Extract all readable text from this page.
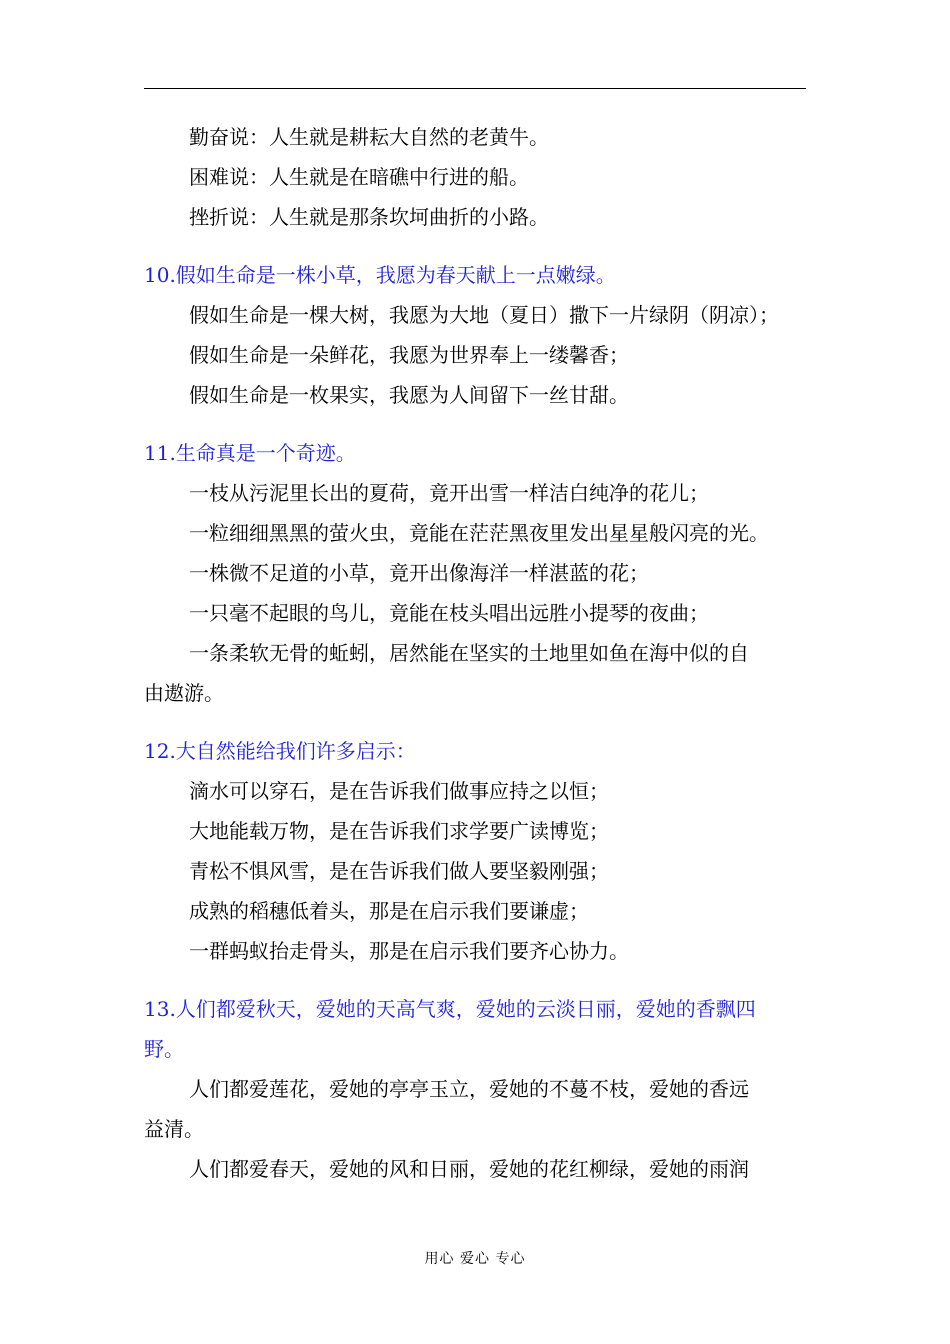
勤奋说：人生就是耕耘大自然的老黄牛。
困难说：人生就是在暗礁中行进的船。
挫折说：人生就是那条坎坷曲折的小路。
10.假如生命是一株小草，我愿为春天献上一点嫩绿。
假如生命是一棵大树，我愿为大地（夏日）撒下一片绿阴（阴凉）；
假如生命是一朵鲜花，我愿为世界奉上一缕馨香；
假如生命是一枚果实，我愿为人间留下一丝甘甜。
11.生命真是一个奇迹。
一枝从污泥里长出的夏荷，竟开出雪一样洁白纯净的花儿；
一粒细细黑黑的萤火虫，竟能在茫茫黑夜里发出星星般闪亮的光。
一株微不足道的小草，竟开出像海洋一样湛蓝的花；
一只毫不起眼的鸟儿，竟能在枝头唱出远胜小提琴的夜曲；
一条柔软无骨的蚯蚓，居然能在坚实的土地里如鱼在海中似的自
由遨游。
12.大自然能给我们许多启示：
滴水可以穿石，是在告诉我们做事应持之以恒；
大地能载万物，是在告诉我们求学要广读博览；
青松不惧风雪，是在告诉我们做人要坚毅刚强；
成熟的稻穗低着头，那是在启示我们要谦虚；
一群蚂蚁抬走骨头，那是在启示我们要齐心协力。
13.人们都爱秋天，爱她的天高气爽，爱她的云淡日丽，爱她的香飘四
野。
人们都爱莲花，爱她的亭亭玉立，爱她的不蔓不枝，爱她的香远
益清。
人们都爱春天，爱她的风和日丽，爱她的花红柳绿，爱她的雨润
用心 爱心 专心
